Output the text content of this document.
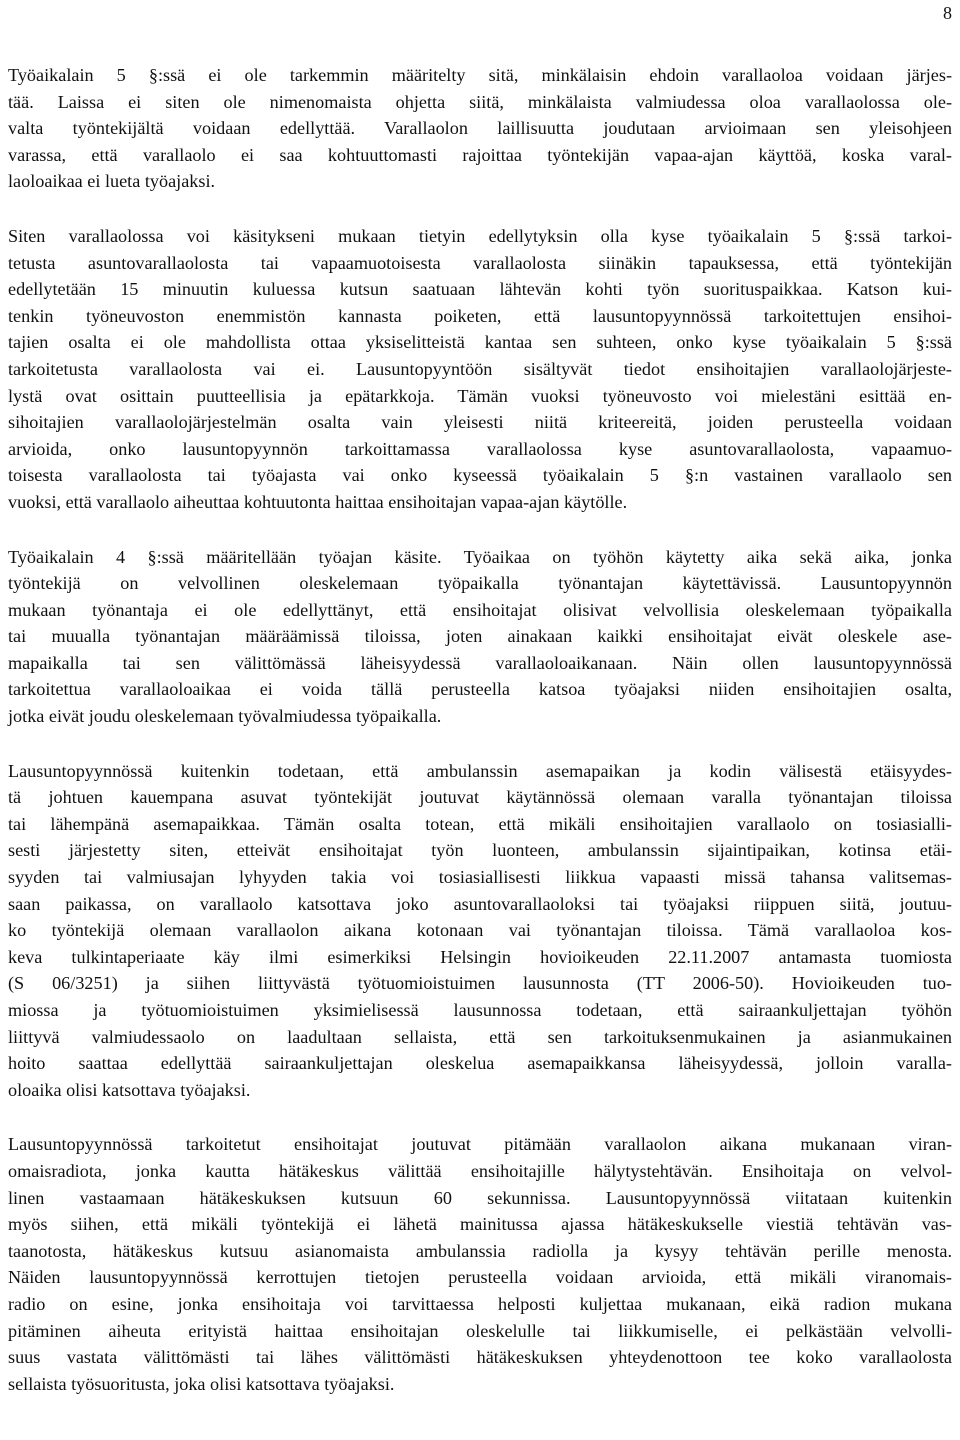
8
Työaikalain 5 §:ssä ei ole tarkemmin määritelty sitä, minkälaisin ehdoin varallaoloa voidaan järjes-
tää. Laissa ei siten ole nimenomaista ohjetta siitä, minkälaista valmiudessa oloa varallaolossa ole-
valta työntekijältä voidaan edellyttää. Varallaolon laillisuutta joudutaan arvioimaan sen yleisohjeen
varassa, että varallaolo ei saa kohtuuttomasti rajoittaa työntekijän vapaa-ajan käyttöä, koska varal-
laoloaikaa ei lueta työajaksi.
Siten varallaolossa voi käsitykseni mukaan tietyin edellytyksin olla kyse työaikalain 5 §:ssä tarkoi-
tetusta asuntovarallaolosta tai vapaamuotoisesta varallaolosta siinäkin tapauksessa, että työntekijän
edellytetään 15 minuutin kuluessa kutsun saatuaan lähtevän kohti työn suorituspaikkaa. Katson kui-
tenkin työneuvoston enemmistön kannasta poiketen, että lausuntopyynnössä tarkoitettujen ensihoi-
tajien osalta ei ole mahdollista ottaa yksiselitteistä kantaa sen suhteen, onko kyse työaikalain 5 §:ssä
tarkoitetusta varallaolosta vai ei. Lausuntopyyntöön sisältyvät tiedot ensihoitajien varallaolojärjeste-
lystä ovat osittain puutteellisia ja epätarkkoja. Tämän vuoksi työneuvosto voi mielestäni esittää en-
sihoitajien varallaolojärjestelmän osalta vain yleisesti niitä kriteereitä, joiden perusteella voidaan
arvioida, onko lausuntopyynnön tarkoittamassa varallaolossa kyse asuntovarallaolosta, vapaamuo-
toisesta varallaolosta tai työajasta vai onko kyseessä työaikalain 5 §:n vastainen varallaolo sen
vuoksi, että varallaolo aiheuttaa kohtuutonta haittaa ensihoitajan vapaa-ajan käytölle.
Työaikalain 4 §:ssä määritellään työajan käsite. Työaikaa on työhön käytetty aika sekä aika, jonka
työntekijä on velvollinen oleskelemaan työpaikalla työnantajan käytettävissä. Lausuntopyynnön
mukaan työnantaja ei ole edellyttänyt, että ensihoitajat olisivat velvollisia oleskelemaan työpaikalla
tai muualla työnantajan määräämissä tiloissa, joten ainakaan kaikki ensihoitajat eivät oleskele ase-
mapaikalla tai sen välittömässä läheisyydessä varallaoloaikanaan. Näin ollen lausuntopyynnössä
tarkoitettua varallaoloaikaa ei voida tällä perusteella katsoa työajaksi niiden ensihoitajien osalta,
jotka eivät joudu oleskelemaan työvalmiudessa työpaikalla.
Lausuntopyynnössä kuitenkin todetaan, että ambulanssin asemapaikan ja kodin välisestä etäisyydes-
tä johtuen kauempana asuvat työntekijät joutuvat käytännössä olemaan varalla työnantajan tiloissa
tai lähempänä asemapaikkaa. Tämän osalta totean, että mikäli ensihoitajien varallaolo on tosiasialli-
sesti järjestetty siten, etteivät ensihoitajat työn luonteen, ambulanssin sijaintipaikan, kotinsa etäi-
syyden tai valmiusajan lyhyyden takia voi tosiasiallisesti liikkua vapaasti missä tahansa valitsemas-
saan paikassa, on varallaolo katsottava joko asuntovarallaoloksi tai työajaksi riippuen siitä, joutuu-
ko työntekijä olemaan varallaolon aikana kotonaan vai työnantajan tiloissa. Tämä varallaoloa kos-
keva tulkintaperiaate käy ilmi esimerkiksi Helsingin hovioikeuden 22.11.2007 antamasta tuomiosta
(S 06/3251) ja siihen liittyvästä työtuomioistuimen lausunnosta (TT 2006-50). Hovioikeuden tuo-
miossa ja työtuomioistuimen yksimielisessä lausunnossa todetaan, että sairaankuljettajan työhön
liittyvä valmiudessaolo on laadultaan sellaista, että sen tarkoituksenmukainen ja asianmukainen
hoito saattaa edellyttää sairaankuljettajan oleskelua asemapaikkansa läheisyydessä, jolloin varalla-
oloaika olisi katsottava työajaksi.
Lausuntopyynnössä tarkoitetut ensihoitajat joutuvat pitämään varallaolon aikana mukanaan viran-
omaisradiota, jonka kautta hätäkeskus välittää ensihoitajille hälytystehtävän. Ensihoitaja on velvol-
linen vastaamaan hätäkeskuksen kutsuun 60 sekunnissa. Lausuntopyynnössä viitataan kuitenkin
myös siihen, että mikäli työntekijä ei lähetä mainitussa ajassa hätäkeskukselle viestiä tehtävän vas-
taanotosta, hätäkeskus kutsuu asianomaista ambulanssia radiolla ja kysyy tehtävän perille menosta.
Näiden lausuntopyynnössä kerrottujen tietojen perusteella voidaan arvioida, että mikäli viranomais-
radio on esine, jonka ensihoitaja voi tarvittaessa helposti kuljettaa mukanaan, eikä radion mukana
pitäminen aiheuta erityistä haittaa ensihoitajan oleskelulle tai liikkumiselle, ei pelkästään velvolli-
suus vastata välittömästi tai lähes välittömästi hätäkeskuksen yhteydenottoon tee koko varallaolosta
sellaista työsuoritusta, joka olisi katsottava työajaksi.
